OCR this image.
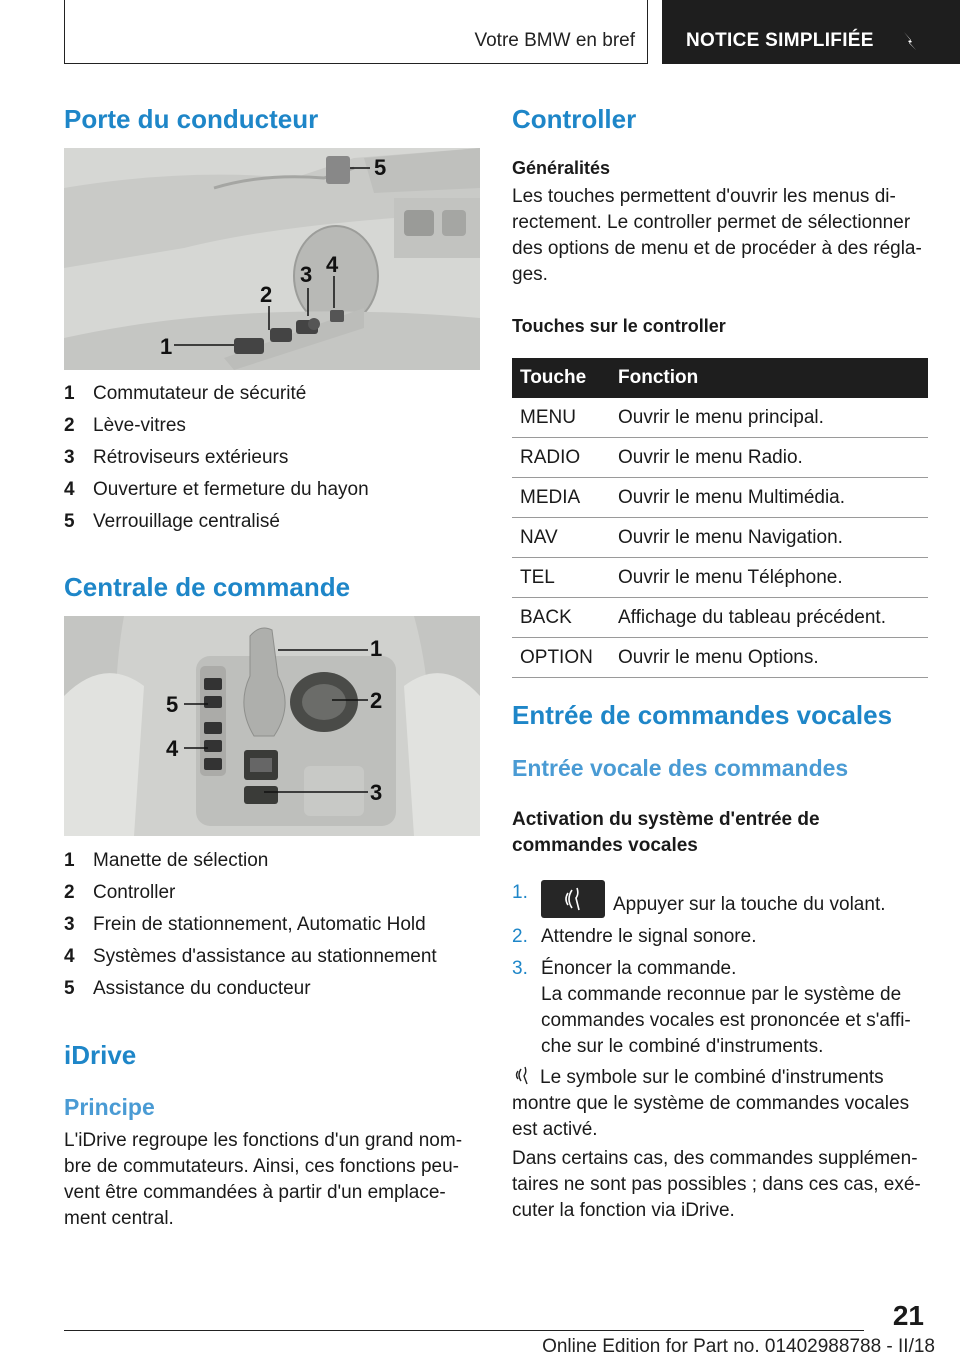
Votre BMW en bref	NOTICE SIMPLIFIÉE
Porte du conducteur
1
2
3 4
5
1 Commutateur de sécurité
2 Lève-vitres
3 Rétroviseurs extérieurs
4 Ouverture et fermeture du hayon
5 Verrouillage centralisé
Centrale de commande
1
2
3
4
5
1 Manette de sélection
2 Controller
3 Frein de stationnement, Automatic Hold
4 Systèmes d'assistance au stationnement
5 Assistance du conducteur
iDrive
Principe
L'iDrive regroupe les fonctions d'un grand nom-
bre de commutateurs. Ainsi, ces fonctions peu-
vent être commandées à partir d'un emplace-
ment central.
Controller
Généralités
Les touches permettent d'ouvrir les menus di-
rectement. Le controller permet de sélectionner
des options de menu et de procéder à des régla-
ges.
Touches sur le controller
Touche	Fonction
MENU	Ouvrir le menu principal.
RADIO	Ouvrir le menu Radio.
MEDIA	Ouvrir le menu Multimédia.
NAV	Ouvrir le menu Navigation.
TEL	Ouvrir le menu Téléphone.
BACK	Affichage du tableau précédent.
OPTION	Ouvrir le menu Options.
Entrée de commandes vocales
Entrée vocale des commandes
Activation du système d'entrée de
commandes vocales
1.
Appuyer sur la touche du volant.
2. Attendre le signal sonore.
3. Énoncer la commande.
La commande reconnue par le système de
commandes vocales est prononcée et s'affi-
che sur le combiné d'instruments.
Le symbole sur le combiné d'instruments
montre que le système de commandes vocales
est activé.
Dans certains cas, des commandes supplémen-
taires ne sont pas possibles ; dans ces cas, exé-
cuter la fonction via iDrive.
21
Online Edition for Part no. 01402988788 - II/18
